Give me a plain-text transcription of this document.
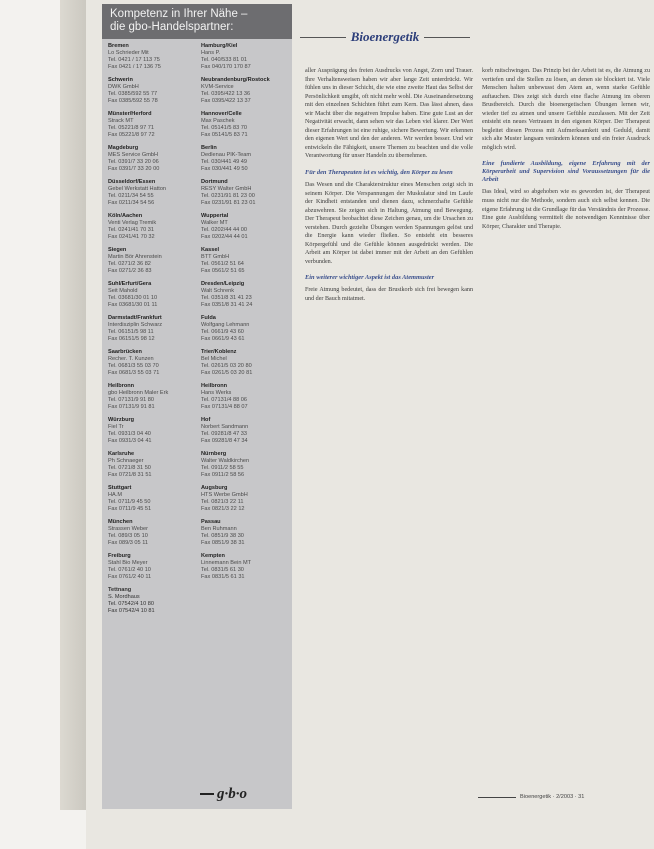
Kompetenz in Ihrer Nähe –
die gbo-Handelspartner:
Bremen
Lo Schrieder Mit
Tel. 0421 / 17 113 75
Fax 0421 / 17 136 75
Hamburg/Kiel
Hans P.
Tel. 040/533 81 01
Fax 040/170 170 87
Schwerin
DWK GmbH
Tel. 0385/592 55 77
Fax 0385/592 55 78
Neubrandenburg/Rostock
KVM-Service
Tel. 0395/422 13 36
Fax 0395/422 13 37
Münster/Herford
Strack MT
Tel. 05221/8 97 71
Fax 05221/8 97 72
Hannover/Celle
Max Paschek
Tel. 05141/5 83 70
Fax 05141/5 83 71
Magdeburg
MES Service GmbH
Tel. 0391/7 33 20 06
Fax 0391/7 33 20 00
Berlin
Dedlenau PIK-Team
Tel. 030/441 49 49
Fax 030/441 49 50
Düsseldorf/Essen
Gebel Werkstatt Hatton
Tel. 0211/34 54 55
Fax 0211/34 54 56
Dortmund
RESY Walter GmbH
Tel. 0231/91 81 23 00
Fax 0231/91 81 23 01
Köln/Aachen
Venti Verlag Tremik
Tel. 0241/41 70 31
Fax 0241/41 70 32
Wuppertal
Walker MT
Tel. 0202/44 44 00
Fax 0202/44 44 01
Siegen
Martin Bör Ahrenstein
Tel. 0271/2 36 82
Fax 0271/2 36 83
Kassel
BTT GmbH
Tel. 0561/2 51 64
Fax 0561/2 51 65
Suhl/Erfurt/Gera
Seit Mahold
Tel. 03681/30 01 10
Fax 03681/30 01 11
Dresden/Leipzig
Walt Schrenk
Tel. 0351/8 31 41 23
Fax 0351/8 31 41 24
Darmstadt/Frankfurt
Interdisziplin Schwarz
Tel. 06151/5 98 11
Fax 06151/5 98 12
Fulda
Wolfgang Lehmann
Tel. 0661/9 43 60
Fax 0661/9 43 61
Saarbrücken
Recher. T. Kunzen
Tel. 0681/3 55 03 70
Fax 0681/3 55 03 71
Trier/Koblenz
Bel Michel
Tel. 0261/5 03 20 80
Fax 0261/5 03 20 81
Heilbronn
gbo Heilbronn Maler Erk
Tel. 07131/9 91 80
Fax 07131/9 91 81
Heilbronn
Hans Werks
Tel. 07131/4 88 06
Fax 07131/4 88 07
Würzburg
Fiel Tr
Tel. 0931/3 04 40
Fax 0931/3 04 41
Hof
Norbert Sandmann
Tel. 09281/8 47 33
Fax 09281/8 47 34
Karlsruhe
Ph Schnaeger
Tel. 0721/8 31 50
Fax 0721/8 31 51
Nürnberg
Walter Waldkirchen
Tel. 0911/2 58 55
Fax 0911/2 58 56
Stuttgart
HA.M
Tel. 0711/9 45 50
Fax 0711/9 45 51
Augsburg
HTS Werbe GmbH
Tel. 0821/3 22 11
Fax 0821/3 22 12
München
Strassen Weber
Tel. 089/3 05 10
Fax 089/3 05 11
Passau
Ben Ruhmann
Tel. 0851/9 38 30
Fax 0851/9 38 31
Freiburg
Stahl Bio Meyer
Tel. 0761/2 40 10
Fax 0761/2 40 11
Kempten
Linnemann Bein MT
Tel. 0831/5 61 30
Fax 0831/5 61 31
Tettnang
S. Mordhaus
Tel. 07542/4 10 80
Fax 07542/4 10 81
Bioenergetik

aller Ausprägung des freien Ausdrucks von Angst, Zorn und Trauer. Ihre Verhaltensweisen haben wir aber lange Zeit unterdrückt. Wir fühlen uns in dieser Schicht, die wie eine zweite Haut das Selbst der Persönlichkeit umgibt, oft nicht mehr wohl. Die Auseinandersetzung mit den einzelnen Schichten führt zum Kern. Das lässt ahnen, dass wir Macht über die negativen Impulse haben. Eine gute Lust an der Negativität erwacht, dann sehen wir das Leben viel klarer. Der Wert dieser Erfahrungen ist eine ruhige, sichere Bewertung. Wir erkennen den eigenen Wert und den der anderen. Wir werden besser. Und wir entwickeln die Fähigkeit, unsere Themen zu beachten und die volle Verantwortung für unser Handeln zu übernehmen.

Für den Therapeuten ist es wichtig, den Körper zu lesen

Das Wesen und die Charakterstruktur eines Menschen zeigt sich in seinem Körper. Die Verspannungen der Muskulatur sind im Laufe der Kindheit entstanden und dienen dazu, schmerzhafte Gefühle abzuwehren. Sie zeigen sich in Haltung, Atmung und Bewegung. Der Therapeut beobachtet diese Zeichen genau, um die Ursachen zu verstehen. Durch gezielte Übungen werden Spannungen gelöst und die Energie kann wieder fließen. So entsteht ein besseres Körpergefühl und die Gefühle können ausgedrückt werden. Die Arbeit am Körper ist dabei immer mit der Arbeit an den Gefühlen verbunden.

Ein weiterer wichtiger Aspekt ist das Atemmuster

Freie Atmung bedeutet, dass der Brustkorb sich frei bewegen kann und der Bauch mitatmet.

korb mitschwingen. Das Prinzip bei der Arbeit ist es, die Atmung zu vertiefen und die Stellen zu lösen, an denen sie blockiert ist. Viele Menschen halten unbewusst den Atem an, wenn starke Gefühle auftauchen. Dies zeigt sich durch eine flache Atmung im oberen Brustbereich. Durch die bioenergetischen Übungen lernen wir, wieder tief zu atmen und unsere Gefühle zuzulassen. Mit der Zeit entsteht ein neues Vertrauen in den eigenen Körper. Der Therapeut begleitet diesen Prozess mit Aufmerksamkeit und Geduld, damit sich alte Muster langsam verändern können und ein freier Ausdruck möglich wird.

Eine fundierte Ausbildung, eigene Erfahrung mit der Körperarbeit und Supervision sind Voraussetzungen für die Arbeit

Das Ideal, wird so abgehoben wie es geworden ist, der Therapeut muss nicht nur die Methode, sondern auch sich selbst kennen. Die eigene Erfahrung ist die Grundlage für das Verständnis der Prozesse. Eine gute Ausbildung vermittelt die notwendigen Kenntnisse über Körper, Charakter und Therapie.

g·b·o	Bioenergetik · 2/2003 · 31
